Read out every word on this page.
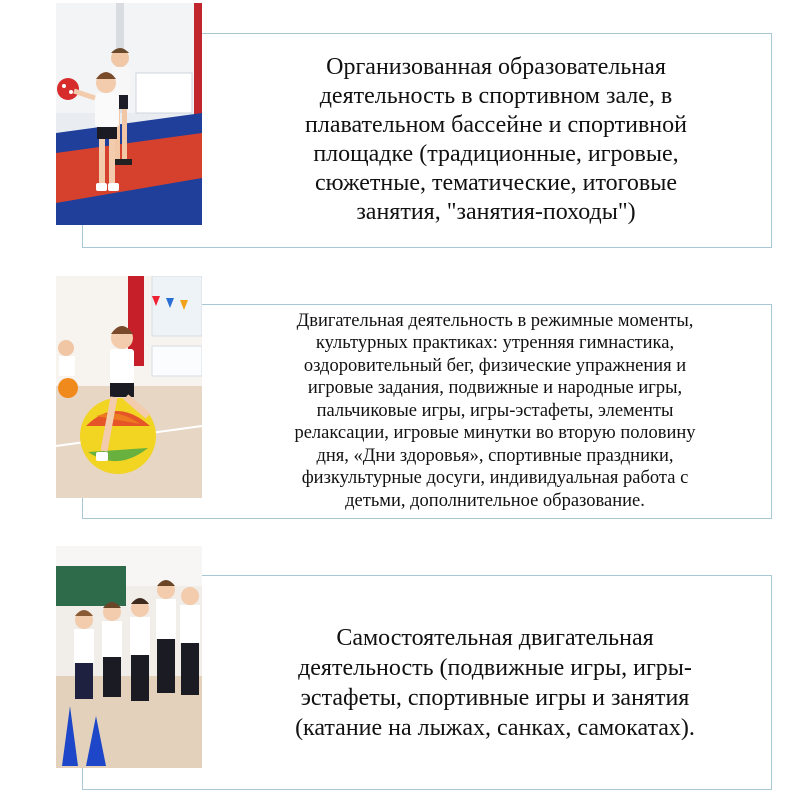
Организованная образовательная
деятельность в спортивном зале, в
плавательном бассейне и спортивной
площадке (традиционные, игровые,
сюжетные, тематические, итоговые
занятия, "занятия-походы")
Двигательная деятельность в режимные моменты,
культурных практиках: утренняя гимнастика,
оздоровительный бег, физические упражнения и
игровые задания, подвижные и народные игры,
пальчиковые игры, игры-эстафеты, элементы
релаксации, игровые минутки во вторую половину
дня, «Дни здоровья», спортивные праздники,
физкультурные досуги, индивидуальная работа с
детьми, дополнительное образование.
Самостоятельная двигательная
деятельность (подвижные игры, игры-
эстафеты, спортивные игры и занятия
(катание на лыжах, санках, самокатах).
